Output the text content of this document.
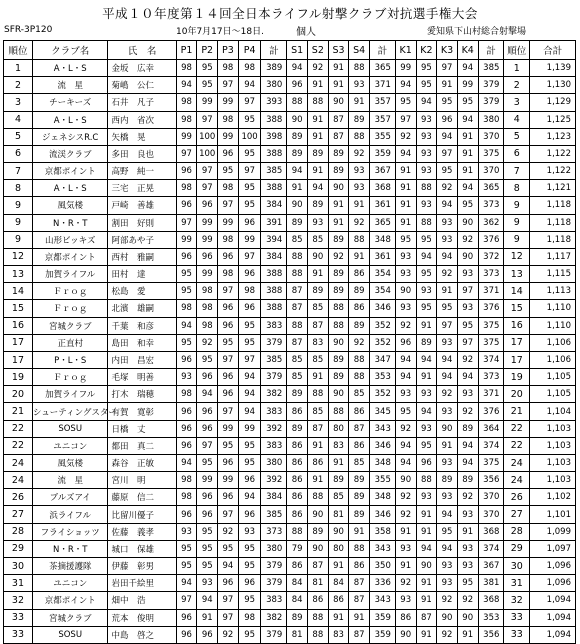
平成１０年度第１４回全日本ライフル射撃クラブ対抗選手権大会
SFR-3P120	10年7月17日～18日.	個人	愛知県下山村総合射撃場
順位	クラブ名	氏　名	P1	P2	P3	P4	計	S1	S2	S3	S4	計	K1	K2	K3	K4	計	順位	合計
1	A・L・S	金坂　広幸	98	95	98	98	389	94	92	91	88	365	99	95	97	94	385	1	1,139
2	流　星	菊嶋　公仁	94	95	97	94	380	96	91	91	93	371	94	95	91	99	379	2	1,130
3	チーキーズ	石井　凡子	98	99	99	97	393	88	88	90	91	357	95	94	95	95	379	3	1,129
4	A・L・S	西内　省次	98	97	98	95	388	90	91	87	89	357	97	93	96	94	380	4	1,125
5	ジェネシスR.C	矢橋　晃	99	100	99	100	398	89	91	87	88	355	92	93	94	91	370	5	1,123
6	流渓クラブ	多田　良也	97	100	96	95	388	89	89	89	92	359	94	93	97	91	375	6	1,122
7	京都ポイント	高野　純一	96	97	95	97	385	94	91	89	93	367	91	93	95	91	370	7	1,122
8	A・L・S	三宅　正晃	98	97	98	95	388	91	94	90	93	368	91	88	92	94	365	8	1,121
9	風気楼	戸崎　善雄	96	96	97	95	384	90	89	91	91	361	91	93	94	95	373	9	1,118
9	N・R・T	割田　好則	97	99	99	96	391	89	93	91	92	365	91	88	93	90	362	9	1,118
9	山形ビッキズ	阿部あや子	99	99	98	99	394	85	85	89	88	348	95	95	93	92	376	9	1,118
12	京都ポイント	西村　雅嗣	96	96	96	97	384	88	90	92	91	361	93	94	94	90	372	12	1,117
13	加賀ライフル	田村　達	95	99	98	96	388	88	91	89	86	354	93	95	92	93	373	13	1,115
14	Ｆｒｏｇ	松島　愛	95	98	97	98	388	87	89	89	89	354	90	93	91	97	371	14	1,113
15	Ｆｒｏｇ	北濱　雄嗣	98	98	96	96	388	87	85	88	86	346	93	95	95	93	376	15	1,110
16	宮城クラブ	千葉　和彦	94	98	96	95	383	88	87	88	89	352	92	91	97	95	375	16	1,110
17	正直村	島田　和幸	95	92	95	95	379	87	83	90	92	352	96	89	93	97	375	17	1,106
17	P・L・S	内田　昌宏	96	95	97	97	385	85	85	89	88	347	94	94	94	92	374	17	1,106
19	Ｆｒｏｇ	毛塚　明善	93	96	96	94	379	85	91	89	88	353	94	91	94	94	373	19	1,105
20	加賀ライフル	打木　瑞穂	98	94	96	94	382	89	88	90	85	352	93	93	92	93	371	20	1,105
21	シューティングスター	有賀　寛彰	96	96	97	94	383	86	85	88	86	345	95	94	93	92	376	21	1,104
22	SOSU	日橋　丈	96	96	99	99	392	89	87	80	87	343	92	93	90	89	364	22	1,103
22	ユニコン	都田　真二	96	97	95	95	383	86	91	83	86	346	94	95	91	94	374	22	1,103
24	風気楼	森谷　正敏	94	95	96	95	380	86	86	91	85	348	94	96	93	94	375	24	1,103
24	流　星	宮川　明	98	99	99	96	392	86	91	89	89	355	90	88	89	89	356	24	1,103
26	ブルズアイ	藤原　信二	98	96	96	94	384	86	88	85	89	348	92	93	93	92	370	26	1,102
27	浜ライフル	比留川優子	96	96	97	96	385	86	90	81	89	346	92	91	94	93	370	27	1,101
28	フライショッツ	佐藤　義孝	93	95	92	93	373	88	89	90	91	358	91	91	95	91	368	28	1,099
29	N・R・T	城口　保雄	95	95	95	95	380	79	90	80	88	343	93	94	94	93	374	29	1,097
30	茶摘援護隊	伊藤　彰男	95	95	94	95	379	86	87	91	86	350	91	90	93	93	367	30	1,096
31	ユニコン	岩田千絵里	94	93	96	96	379	84	81	84	87	336	92	91	93	95	381	31	1,096
32	京都ポイント	畑中　浩	97	94	97	95	383	84	86	86	87	343	93	91	92	92	368	32	1,094
33	宮城クラブ	荒本　俊明	96	91	97	98	382	89	88	91	91	359	86	87	90	90	353	33	1,094
33	SOSU	中島　啓之	96	96	92	95	379	81	88	83	87	359	90	91	92	91	356	33	1,094
